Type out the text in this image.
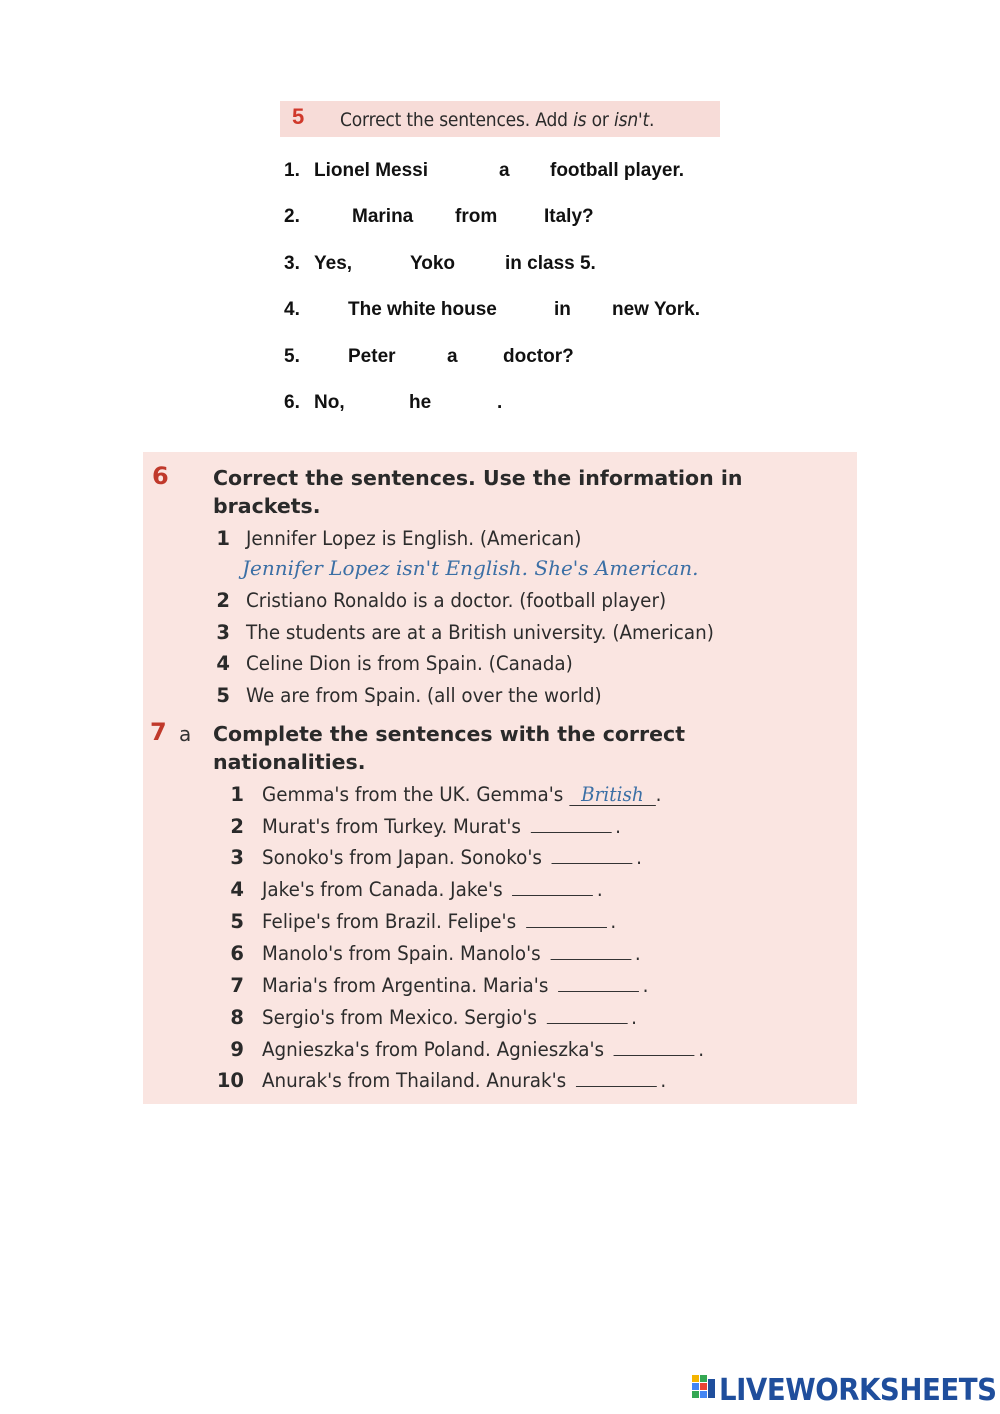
5 Correct the sentences. Add is or isn't.
1. Lionel Messi	a football player.
2.	Marina from Italy?
3. Yes,	Yoko	in class 5.
4.	The white house	in new York.
5.	Peter	a doctor?
6. No,	he	.
6 Correct the sentences. Use the information in
brackets.
1 Jennifer Lopez is English. (American)
Jennifer Lopez isn't English. She's American.
2 Cristiano Ronaldo is a doctor. (football player)
3 The students are at a British university. (American)
4 Celine Dion is from Spain. (Canada)
5 We are from Spain. (all over the world)
7 a Complete the sentences with the correct
nationalities.
1 Gemma's from the UK. Gemma's British .
2 Murat's from Turkey. Murat's	.
3 Sonoko's from Japan. Sonoko's	.
4 Jake's from Canada. Jake's	.
5 Felipe's from Brazil. Felipe's	.
6 Manolo's from Spain. Manolo's	.
7 Maria's from Argentina. Maria's	.
8 Sergio's from Mexico. Sergio's	.
9 Agnieszka's from Poland. Agnieszka's	.
10 Anurak's from Thailand. Anurak's	.
LIVEWORKSHEETS
